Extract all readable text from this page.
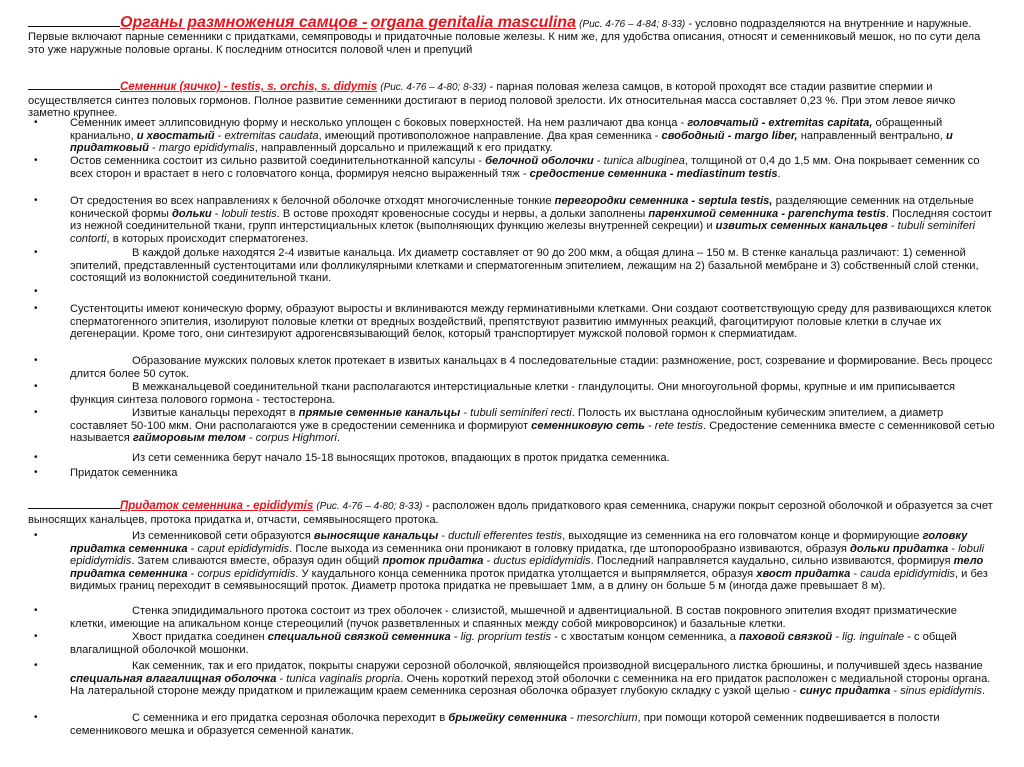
Органы размножения самцов - organa genitalia masculina (Рис. 4-76 – 4-84; 8-33) - условно подразделяются на внутренние и наружные. Первые включают парные семенники с придатками, семяпроводы и придаточные половые железы. К ним же, для удобства описания, относят и семенниковый мешок, но по сути дела это уже наружные половые органы. К последним относится половой член и препуций

Семенник (яичко) - testis, s. orchis, s. didymis (Рис. 4-76 – 4-80; 8-33) - парная половая железа самцов, в которой проходят все стадии развитие спермии и осуществляется синтез половых гормонов. Полное развитие семенники достигают в период половой зрелости. Их относительная масса составляет 0,23 %. При этом левое яичко заметно крупнее.

• Семенник имеет эллипсовидную форму и несколько уплощен с боковых поверхностей. На нем различают два конца - головчатый - extremitas capitata, обращенный краниально, и хвостатый - extremitas caudata, имеющий противоположное направление. Два края семенника - свободный - margo liber, направленный вентрально, и придатковый - margo epididymalis, направленный дорсально и прилежащий к его придатку.

• Остов семенника состоит из сильно развитой соединительнотканной капсулы - белочной оболочки - tunica albuginea, толщиной от 0,4 до 1,5 мм. Она покрывает семенник со всех сторон и врастает в него с головчатого конца, формируя неясно выраженный тяж - средостение семенника - mediastinum testis.

• От средостения во всех направлениях к белочной оболочке отходят многочисленные тонкие перегородки семенника - septula testis, разделяющие семенник на отдельные конической формы дольки - lobuli testis. В остове проходят кровеносные сосуды и нервы, а дольки заполнены паренхимой семенника - parenchyma testis. Последняя состоит из нежной соединительной ткани, групп интерстициальных клеток (выполняющих функцию железы внутренней секреции) и извитых семенных канальцев - tubuli seminiferi contorti, в которых происходит сперматогенез.

• В каждой дольке находятся 2-4 извитые канальца. Их диаметр составляет от 90 до 200 мкм, а общая длина – 150 м. В стенке канальца различают: 1) семенной эпителий, представленный сустентоцитами или фолликулярными клетками и сперматогенным эпителием, лежащим на 2) базальной мембране и 3) собственный слой стенки, состоящий из волокнистой соединительной ткани.

• Сустентоциты имеют коническую форму, образуют выросты и вклиниваются между герминативными клетками. Они создают соответствующую среду для развивающихся клеток сперматогенного эпителия, изолируют половые клетки от вредных воздействий, препятствуют развитию иммунных реакций, фагоцитируют половые клетки в случае их дегенерации. Кроме того, они синтезируют адрогенсвязывающий белок, который транспортирует мужской половой гормон к спермиатидам.

• Образование мужских половых клеток протекает в извитых канальцах в 4 последовательные стадии: размножение, рост, созревание и формирование. Весь процесс длится более 50 суток.

• В межканальцевой соединительной ткани располагаются интерстициальные клетки - гландулоциты. Они многоугольной формы, крупные и им приписывается функция синтеза полового гормона - тестостерона.

• Извитые канальцы переходят в прямые семенные канальцы - tubuli seminiferi recti. Полость их выстлана однослойным кубическим эпителием, а диаметр составляет 50-100 мкм. Они располагаются уже в средостении семенника и формируют семенниковую сеть - rete testis. Средостение семенника вместе с семенниковой сетью называется гайморовым телом - corpus Highmori.

• Из сети семенника берут начало 15-18 выносящих протоков, впадающих в проток придатка семенника.

• Придаток семенника

Придаток семенника - epididymis (Рис. 4-76 – 4-80; 8-33) - расположен вдоль придаткового края семенника, снаружи покрыт серозной оболочкой и образуется за счет выносящих канальцев, протока придатка и, отчасти, семявыносящего протока.

• Из семенниковой сети образуются выносящие канальцы - ductuli efferentes testis, выходящие из семенника на его головчатом конце и формирующие головку придатка семенника - caput epididymidis. После выхода из семенника они проникают в головку придатка, где штопорообразно извиваются, образуя дольки придатка - lobuli epididymidis. Затем сливаются вместе, образуя один общий проток придатка - ductus epididymidis. Последний направляется каудально, сильно извиваются, формируя тело придатка семенника - corpus epididymidis. У каудального конца семенника проток придатка утолщается и выпрямляется, образуя хвост придатка - cauda epididymidis, и без видимых границ переходит в семявыносящий проток. Диаметр протока придатка не превышает 1мм, а в длину он больше 5 м (иногда даже превышает 8 м).

• Стенка эпидидимального протока состоит из трех оболочек - слизистой, мышечной и адвентициальной. В состав покровного эпителия входят призматические клетки, имеющие на апикальном конце стереоцилий (пучок разветвленных и спаянных между собой микроворсинок) и базальные клетки.

• Хвост придатка соединен специальной связкой семенника - lig. proprium testis - с хвостатым концом семенника, а паховой связкой - lig. inguinale - с общей влагалищной оболочкой мошонки.

• Как семенник, так и его придаток, покрыты снаружи серозной оболочкой, являющейся производной висцерального листка брюшины, и получившей здесь название специальная влагалищная оболочка - tunica vaginalis propria. Очень короткий переход этой оболочки с семенника на его придаток расположен с медиальной стороны органа. На латеральной стороне между придатком и прилежащим краем семенника серозная оболочка образует глубокую складку с узкой щелью - синус придатка - sinus epididymis.

• С семенника и его придатка серозная оболочка переходит в брыжейку семенника - mesorchium, при помощи которой семенник подвешивается в полости семенникового мешка и образуется семенной канатик.
